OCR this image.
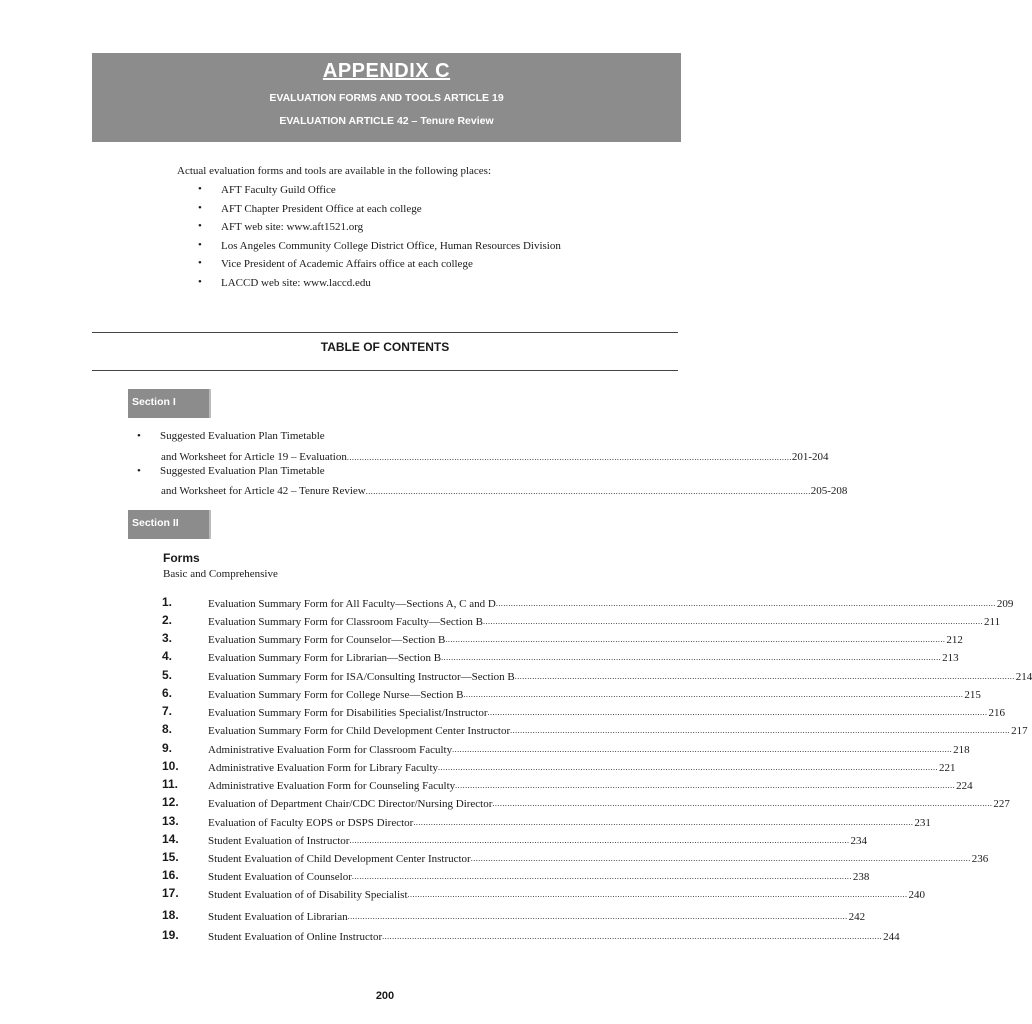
APPENDIX C
EVALUATION FORMS AND TOOLS ARTICLE 19
EVALUATION ARTICLE 42 – Tenure Review
Actual evaluation forms and tools are available in the following places:
• AFT Faculty Guild Office
• AFT Chapter President Office at each college
• AFT web site: www.aft1521.org
• Los Angeles Community College District Office, Human Resources Division
• Vice President of Academic Affairs office at each college
• LACCD web site: www.laccd.edu
TABLE OF CONTENTS
Section I
• Suggested Evaluation Plan Timetable
and Worksheet for Article 19 – Evaluation .................................................................................................................................................................................. 201-204
• Suggested Evaluation Plan Timetable
and Worksheet for Article 42 – Tenure Review .................................................................................................................................................................................. 205-208
Section II
Forms
Basic and Comprehensive
1.	Evaluation Summary Form for All Faculty—Sections A, C and D ........................................................................................................................................................................................................ 209
2.	Evaluation Summary Form for Classroom Faculty—Section B ........................................................................................................................................................................................................ 211
3.	Evaluation Summary Form for Counselor—Section B ........................................................................................................................................................................................................ 212
4.	Evaluation Summary Form for Librarian—Section B ........................................................................................................................................................................................................ 213
5.	Evaluation Summary Form for ISA/Consulting Instructor—Section B ........................................................................................................................................................................................................ 214
6.	Evaluation Summary Form for College Nurse—Section B ........................................................................................................................................................................................................ 215
7.	Evaluation Summary Form for Disabilities Specialist/Instructor ........................................................................................................................................................................................................ 216
8.	Evaluation Summary Form for Child Development Center Instructor ........................................................................................................................................................................................................ 217
9.	Administrative Evaluation Form for Classroom Faculty ........................................................................................................................................................................................................ 218
10.	Administrative Evaluation Form for Library Faculty ........................................................................................................................................................................................................ 221
11.	Administrative Evaluation Form for Counseling Faculty ........................................................................................................................................................................................................ 224
12.	Evaluation of Department Chair/CDC Director/Nursing Director ........................................................................................................................................................................................................ 227
13.	Evaluation of Faculty EOPS or DSPS Director ........................................................................................................................................................................................................ 231
14.	Student Evaluation of Instructor ........................................................................................................................................................................................................ 234
15.	Student Evaluation of Child Development Center Instructor ........................................................................................................................................................................................................ 236
16.	Student Evaluation of Counselor ........................................................................................................................................................................................................ 238
17.	Student Evaluation of of Disability Specialist ........................................................................................................................................................................................................ 240
18.	Student Evaluation of Librarian ........................................................................................................................................................................................................ 242
19.	Student Evaluation of Online Instructor ........................................................................................................................................................................................................ 244
200
